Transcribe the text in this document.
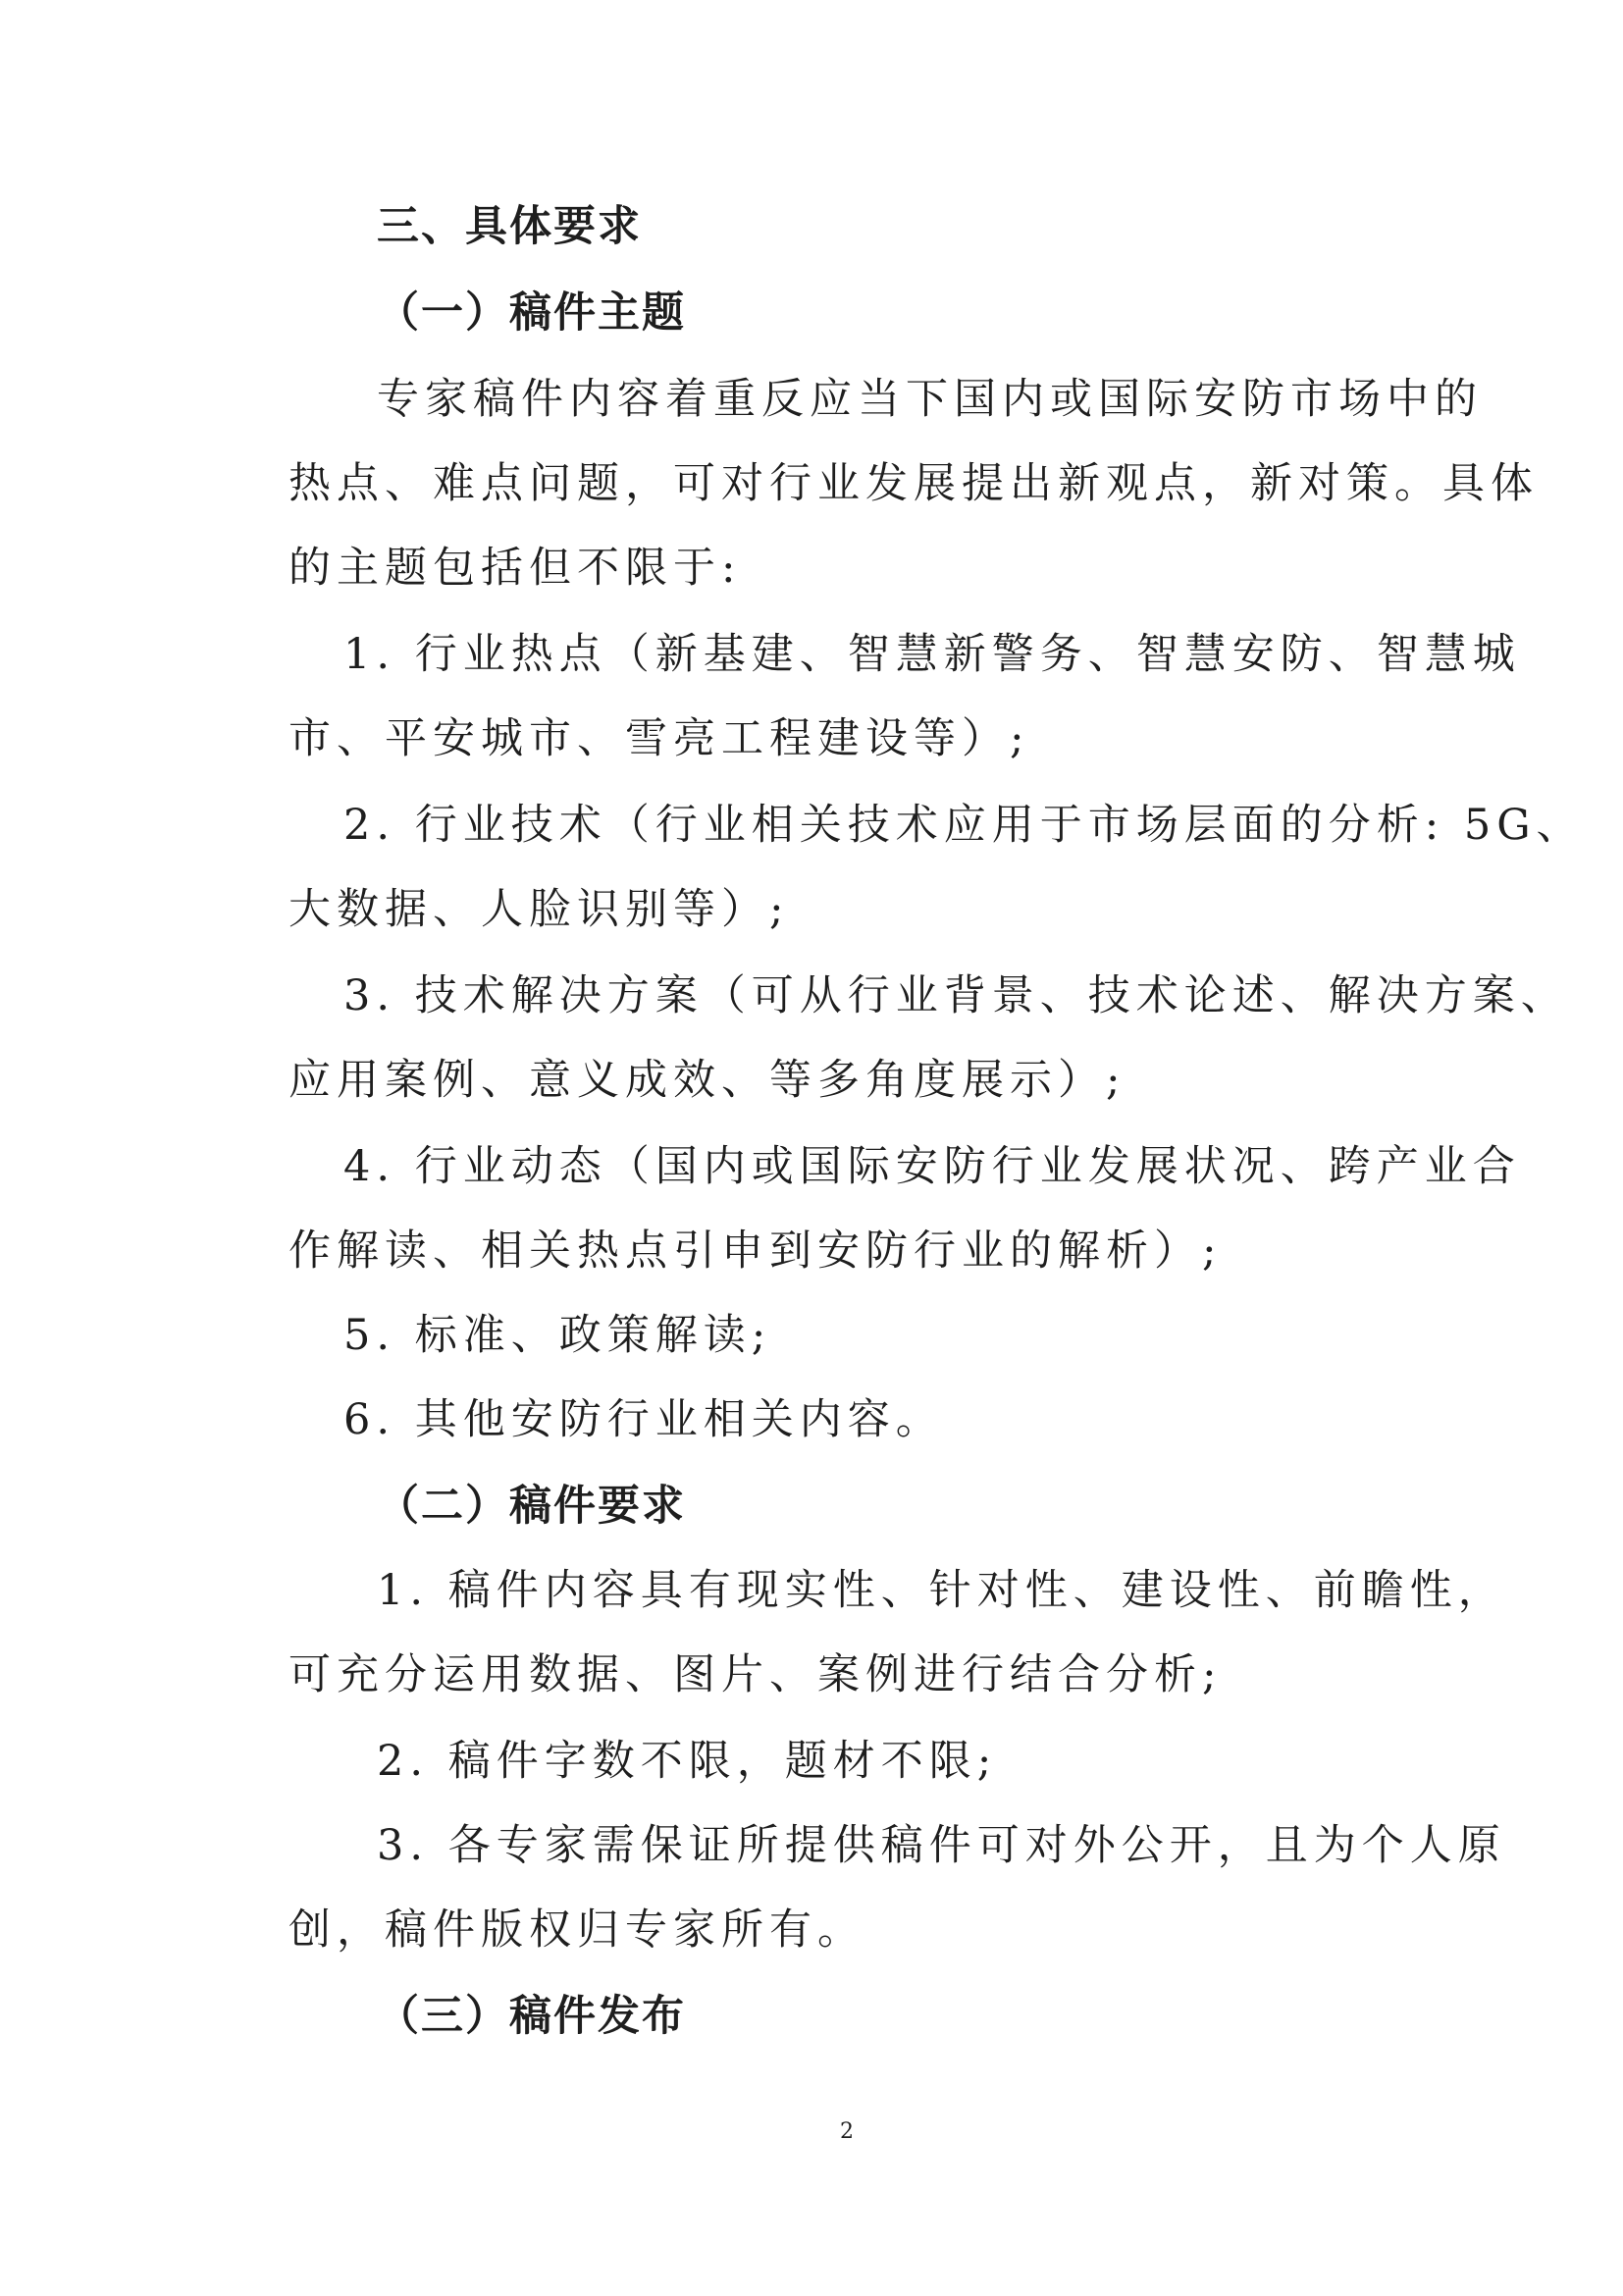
三、具体要求
（一）稿件主题
专家稿件内容着重反应当下国内或国际安防市场中的
热点、难点问题，可对行业发展提出新观点，新对策。具体
的主题包括但不限于:
1. 行业热点（新基建、智慧新警务、智慧安防、智慧城
市、平安城市、雪亮工程建设等）;
2. 行业技术（行业相关技术应用于市场层面的分析: 5G、
大数据、人脸识别等）;
3. 技术解决方案（可从行业背景、技术论述、解决方案、
应用案例、意义成效、等多角度展示）;
4. 行业动态（国内或国际安防行业发展状况、跨产业合
作解读、相关热点引申到安防行业的解析）;
5. 标准、政策解读;
6. 其他安防行业相关内容。
（二）稿件要求
1. 稿件内容具有现实性、针对性、建设性、前瞻性，
可充分运用数据、图片、案例进行结合分析;
2. 稿件字数不限，题材不限;
3. 各专家需保证所提供稿件可对外公开，且为个人原
创，稿件版权归专家所有。
（三）稿件发布
2
